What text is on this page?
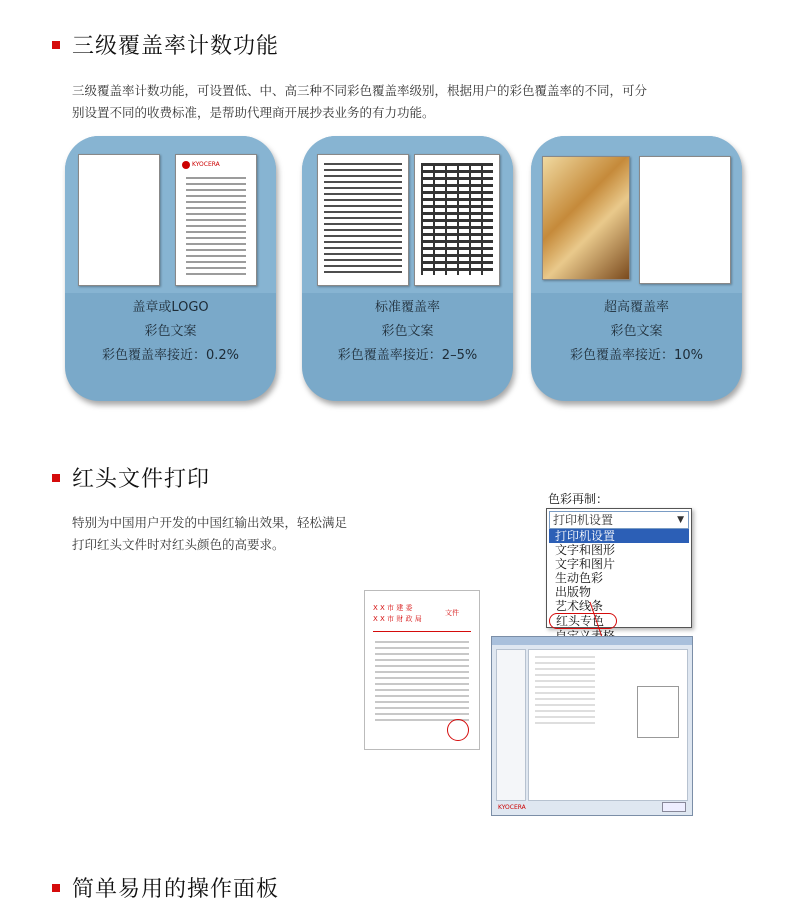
三级覆盖率计数功能
三级覆盖率计数功能，可设置低、中、高三种不同彩色覆盖率级别，根据用户的彩色覆盖率的不同，可分
别设置不同的收费标准，是帮助代理商开展抄表业务的有力功能。
KYOCERA
盖章或LOGO
彩色文案
彩色覆盖率接近：0.2%
标准覆盖率
彩色文案
彩色覆盖率接近：2–5%
超高覆盖率
彩色文案
彩色覆盖率接近：10%
红头文件打印
特别为中国用户开发的中国红输出效果，轻松满足
打印红头文件时对红头颜色的高要求。
X X 市 建 委
X X 市 财 政 局
文件
色彩再制：
打印机设置	▼
打印机设置
文字和图形
文字和图片
生动色彩
出版物
艺术线条
红头专色
KYOCERA
简单易用的操作面板
